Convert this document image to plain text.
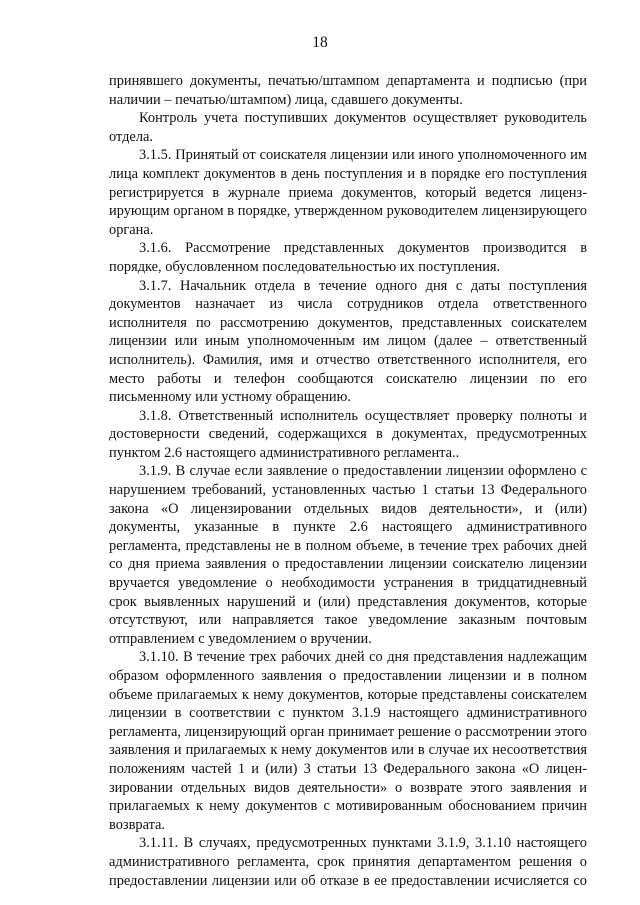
18
принявшего документы, печатью/штампом департамента и подписью (при
наличии – печатью/штампом) лица, сдавшего документы.
Контроль учета поступивших документов осуществляет руководитель
отдела.
3.1.5. Принятый от соискателя лицензии или иного уполномоченного им
лица комплект документов в день поступления и в порядке его поступления
регистрируется в журнале приема документов, который ведется лиценз-
ирующим органом в порядке, утвержденном руководителем лицензирующего
органа.
3.1.6. Рассмотрение представленных документов производится в
порядке, обусловленном последовательностью их поступления.
3.1.7. Начальник отдела в течение одного дня с даты поступления
документов назначает из числа сотрудников отдела ответственного
исполнителя по рассмотрению документов, представленных соискателем
лицензии или иным уполномоченным им лицом (далее – ответственный
исполнитель). Фамилия, имя и отчество ответственного исполнителя, его
место работы и телефон сообщаются соискателю лицензии по его
письменному или устному обращению.
3.1.8. Ответственный исполнитель осуществляет проверку полноты и
достоверности сведений, содержащихся в документах, предусмотренных
пунктом 2.6 настоящего административного регламента..
3.1.9. В случае если заявление о предоставлении лицензии оформлено с
нарушением требований, установленных частью 1 статьи 13 Федерального
закона «О лицензировании отдельных видов деятельности», и (или)
документы, указанные в пункте 2.6 настоящего административного
регламента, представлены не в полном объеме, в течение трех рабочих дней
со дня приема заявления о предоставлении лицензии соискателю лицензии
вручается уведомление о необходимости устранения в тридцатидневный
срок выявленных нарушений и (или) представления документов, которые
отсутствуют, или направляется такое уведомление заказным почтовым
отправлением с уведомлением о вручении.
3.1.10. В течение трех рабочих дней со дня представления надлежащим
образом оформленного заявления о предоставлении лицензии и в полном
объеме прилагаемых к нему документов, которые представлены соискателем
лицензии в соответствии с пунктом 3.1.9 настоящего административного
регламента, лицензирующий орган принимает решение о рассмотрении этого
заявления и прилагаемых к нему документов или в случае их несоответствия
положениям частей 1 и (или) 3 статьи 13 Федерального закона «О лицен-
зировании отдельных видов деятельности» о возврате этого заявления и
прилагаемых к нему документов с мотивированным обоснованием причин
возврата.
3.1.11. В случаях, предусмотренных пунктами 3.1.9, 3.1.10 настоящего
административного регламента, срок принятия департаментом решения о
предоставлении лицензии или об отказе в ее предоставлении исчисляется со
